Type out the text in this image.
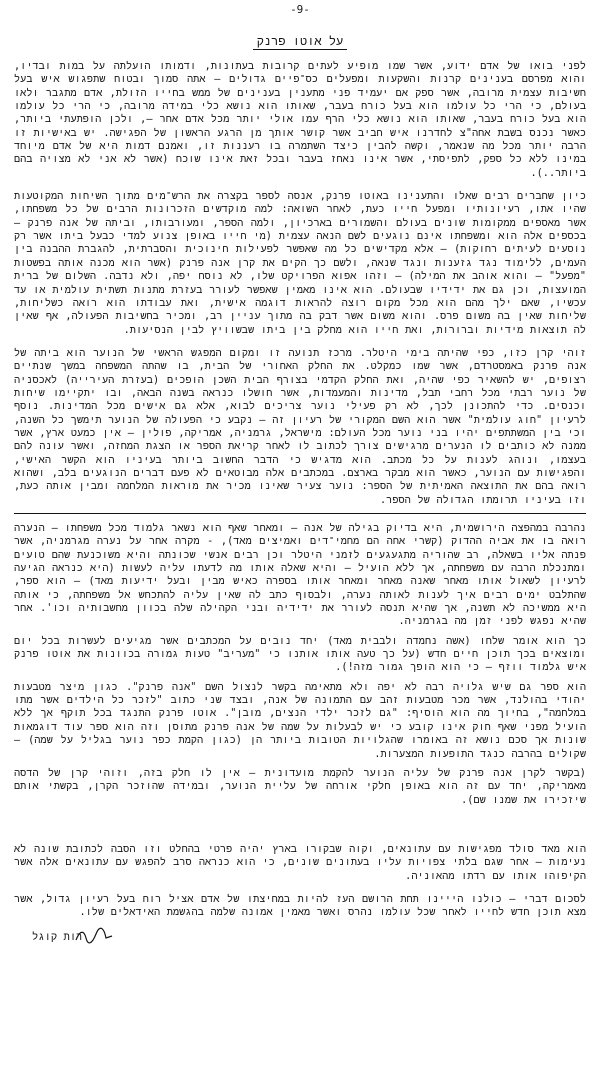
-9-
על אוטו פרנק

לפני בואו של אדם ידוע, אשר שמו מופיע לעתים קרובות בעתונות, ודמותו הועלתה על במות ובדיו, והוא מפרסם בענינים קרנות והשקעות ומפעלים כס־פיים גדולים — אתה סמוך ובטוח שתפגוש איש בעל חשיבות עצמית מרובה, אשר ספק אם יעמיד פני מתענין בענינים של ממש בחייו הזולת, אדם מתגבר ולאו בעולם, כי הרי כל עולמו הוא בעל כורח בעבר, שאותו הוא נושא כלי במידה מרובה, כי הרי כל עולמו הוא בעל כורח בעבר, שאותו הוא נושא כלי הרף עמו אולי יותר מכל אדם אחר —, ולכן הופתעתי ביותר, כאשר נכנס בשבת אחה"צ לחדרנו איש חביב אשר קושר אותך מן הרגע הראשון של הפגישה. יש באישיות זו הרבה יותר מכל מה שנאמר, וקשה להבין כיצד השתמרה בו רעננות זו, ואמנם דמות היא של אדם מיוחד במינו ללא כל ספק, לתפיסתי, אשר אינו נאחז בעבר ובכל זאת אינו שוכח (אשר לא אני לא מצויה בהם ביותר..).

כיון שחברים רבים שאלו והתענינו באוטו פרנק, אנסה לספר בקצרה את הרש־מים מתוך השיחות המקוטעות שהיו אתו, רעיונותיו ומפעל חייו כעת, לאחר השואה: למה מוקדשים הזכרונות הרבים של כל משפחתו, אשר מאספים ממקומות שונים בעולם והשמורים בארכיון, ולמה הספר, ומעורבותו, וביתה של אנה פרנק — בכספים אלה הוא ומשפחתו אינם נוגעים לשם הנאה עצמית (מי חייו באופן צנוע למדי כבעל ביתו אשר רק נוסעים לעיתים רחוקות) — אלא מקדישים כל מה שאפשר לפעילות חינוכית והסברתית, להגברת ההבנה בין העמים, ללימוד נגד גזענות ונגד שנאה, ולשם כך הקים את קרן אנה פרנק (אשר הוא מכנה אותה בפשטות "מפעל" — והוא אוהב את המילה) — וזהו אפוא הפרויקט שלו, לא נוסח יפה, ולא נדבה. השלום של ברית המועצות, וכן גם את ידידיו שבעולם. הוא אינו מאמין שאפשר לעורר בעזרת מתנות תשתית עולמית או עד עכשיו, שאם ילך מהם הוא מכל מקום רוצה להראות דוגמה אישית, ואת עבודתו הוא רואה כשליחות, שליחות שאין בה משום פרס. והוא משום אשר דבק בה מתוך עניין רב, ומכיר בחשיבות הפעולה, אף שאין לה תוצאות מידיות וברורות, ואת חייו הוא מחלק בין ביתו שבשוויץ לבין הנסיעות.

זוהי קרן כזו, כפי שהיתה בימי היטלר. מרכז תנועה זו ומקום המפגש הראשי של הנוער הוא ביתה של אנה פרנק באמסטרדם, אשר שמו כמקלט. את החלק האחורי של הבית, בו שהתה המשפחה במשך שנתיים רצופים, יש להשאיר כפי שהיה, ואת החלק הקדמי בצורף הבית השכן הופכים (בעזרת העירייה) לאכסניה של נוער רבתי מכל רחבי תבל, מדינות והמעמדות, אשר חושלו כנראה בשנה הבאה, ובו יתקיימו שיחות וכנסים. כדי להתכונן לכך, לא רק פעילי נוער צריכים לבוא, אלא גם אישים מכל המדינות. נוסף לרעיון "חוג עולמית" אשר הוא השם המקורי של רעיון זה — נקבע כי הפעולה של הנוער תימשך כל השנה, וכי בין המשתתפים יהיו בני נוער מכל העולם: מישראל, גרמניה, אמריקה, פולין — אין כמעט ארץ, אשר ממנה לא כותבים לו הנערים מרגישים צורך לכתוב לו לאחר קריאת הספר או הצגת המחזה, ואשר עונה להם בעצמו, ונוהג לענות על כל מכתב. הוא מדגיש כי הדבר החשוב ביותר בעיניו הוא הקשר האישי, והפגישות עם הנוער, כאשר הוא מבקר בארצם. במכתבים אלה מבוטאים לא פעם דברים הנוגעים בלב, ושהוא רואה בהם את התוצאה האמיתית של הספר: נוער צעיר שאינו מכיר את מוראות המלחמה ומבין אותה כעת, וזו בעיניו תרומתו הגדולה של הספר.

נהרבה במהפצה הירושמית, היא בדיוק בגילה של אנה — ומאחר שאף הוא נשאר גלמוד מכל משפחתו — הנערה רואה בו את אביה ההדוק (קשרי אחה הם מחמי־דים ואמיצים מאד), - מקרה אחר על נערה מגרמניה, אשר פנתה אליו בשאלה, רב שהוריה מתגעגעים לזמני היטלר וכן רבים אנשי שכונתה והיא משוכנעת שהם טועים ומתנכלת הרבה עם משפחתה, אך ללא הועיל — והיא שאלה אותו מה לדעתו עליה לעשות (היא כנראה הגיעה לרעיון לשאול אותו מאחר שאנה מאחר ומאחר אותו בספרה כאיש מבין ובעל ידיעות מאד) — הוא ספר, שהתלבט ימים רבים איך לענות לאותה נערה, ולבסוף כתב לה שאין עליה להתכחש אל משפחתה, כי אותה היא ממשיכה לא תשנה, אך שהיא תנסה לעורר את ידידיה ובני הקהילה שלה בכוון מחשבותיה וכו'. אחר שהיא נפגש לפני זמן מה בגרמניה.

כך הוא אומר שלחו (אשה נחמדה ולבבית מאד) יחד נובים על המכתבים אשר מגיעים לעשרות בכל יום ומוצאים בכך תוכן חיים חדש (על כך טעה אותו אותנו כי "מעריב" טעות גמורה בכוונות את אוטו פרנק איש גלמוד ווזף — כי הוא הופך גמור מזה!).

הוא ספר גם שיש גלויה רבה לא יפה ולא מתאימה בקשר לנצול השם "אנה פרנק". כגון מיצר מטבעות יהודי בהולנד, אשר מכר מטבעות זהב עם התמונה של אנה, ובצד שני כתוב "לזכר כל הילדים אשר מתו במלחמה", בחיוך מה הוא הוסיף: "גם לזכר ילדי הנצים, מובן". אוטו פרנק התנגד בכל תוקף אך ללא הועיל מפני שאף חוק אינו קובע כי יש לבעלות על שמה של אנה פרנק מתוסן וזה הוא ספר עוד דוגמאות שונות אך סכם נושא זה באומרו שהגלויות הטובות ביותר הן (כגון הקמת כפר נוער בגליל על שמה) — שקולים בהרבה כנגד התופעות המצערות.

(בקשר לקרן אנה פרנק של עליה הנוער להקמת מועדונית — אין לו חלק בזה, וזוהי קרן של הדסה מאמריקה, יחד עם זה הוא באופן חלקי אורחה של עליית הנוער, ובמידה שהוזכר הקרן, בקשתי אותם שיזכירו את שמנו שם).

הוא מאד סולד מפגישות עם עתונאים, וקוה שבקורו בארץ יהיה פרטי בהחלט וזו הסבה לכתובת שונה לא נעימות — אחר שגם בלתי צפויות עליו בעתונים שונים, כי הוא כנראה סרב להפגש עם עתונאים אלה אשר הקיפוהו אותו עם רדתו מהאוניה.

לסכום דברי — כולנו הייינו תחת הרושם העז להיות במחיצתו של אדם אציל רוח בעל רעיון גדול, אשר מצא תוכן חדש לחייו לאחר שכל עולמו נהרס ואשר מאמין אמונה שלמה בהגשמת האידאלים שלו.

רות קוגל
